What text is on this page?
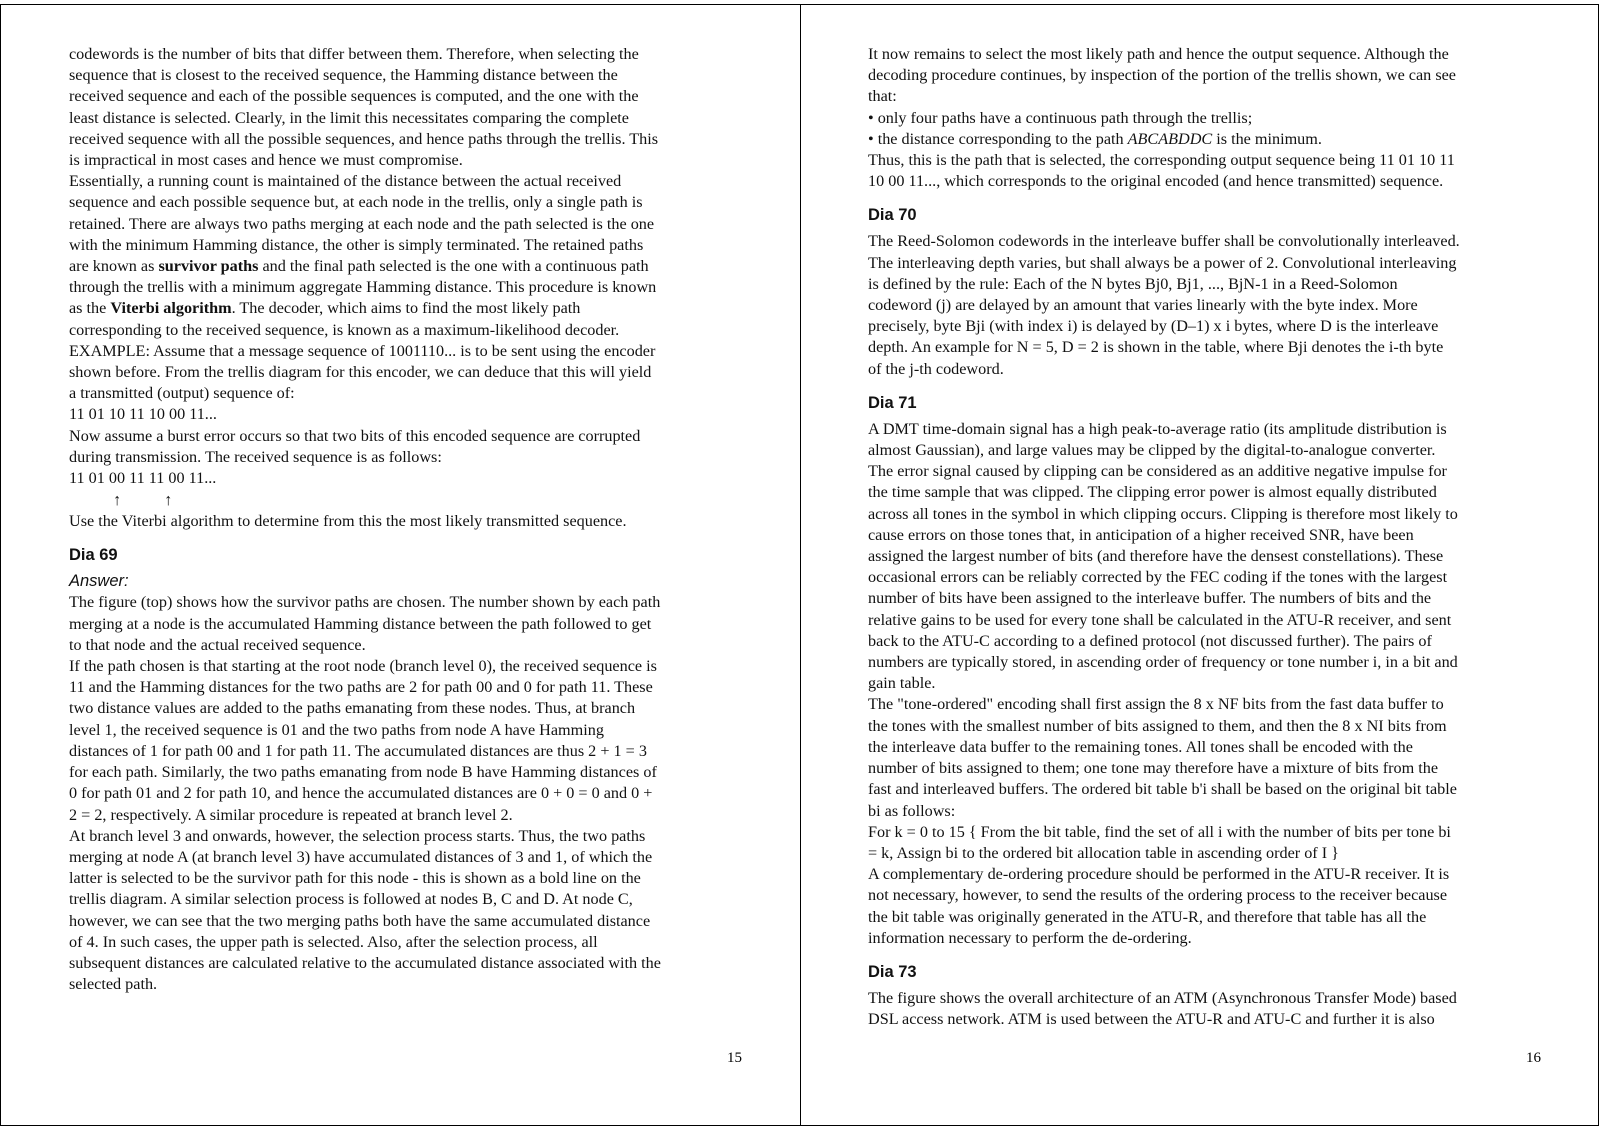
codewords is the number of bits that differ between them. Therefore, when selecting the
sequence that is closest to the received sequence, the Hamming distance between the
received sequence and each of the possible sequences is computed, and the one with the
least distance is selected. Clearly, in the limit this necessitates comparing the complete
received sequence with all the possible sequences, and hence paths through the trellis. This
is impractical in most cases and hence we must compromise.

Essentially, a running count is maintained of the distance between the actual received
sequence and each possible sequence but, at each node in the trellis, only a single path is
retained. There are always two paths merging at each node and the path selected is the one
with the minimum Hamming distance, the other is simply terminated. The retained paths
are known as survivor paths and the final path selected is the one with a continuous path
through the trellis with a minimum aggregate Hamming distance. This procedure is known
as the Viterbi algorithm. The decoder, which aims to find the most likely path
corresponding to the received sequence, is known as a maximum-likelihood decoder.

EXAMPLE: Assume that a message sequence of 1001110... is to be sent using the encoder
shown before. From the trellis diagram for this encoder, we can deduce that this will yield
a transmitted (output) sequence of:

11 01 10 11 10 00 11...

Now assume a burst error occurs so that two bits of this encoded sequence are corrupted
during transmission. The received sequence is as follows:

11 01 00 11 11 00 11...

↑	↑

Use the Viterbi algorithm to determine from this the most likely transmitted sequence.

Dia 69

Answer:

The figure (top) shows how the survivor paths are chosen. The number shown by each path
merging at a node is the accumulated Hamming distance between the path followed to get
to that node and the actual received sequence.

If the path chosen is that starting at the root node (branch level 0), the received sequence is
11 and the Hamming distances for the two paths are 2 for path 00 and 0 for path 11. These
two distance values are added to the paths emanating from these nodes. Thus, at branch
level 1, the received sequence is 01 and the two paths from node A have Hamming
distances of 1 for path 00 and 1 for path 11. The accumulated distances are thus 2 + 1 = 3
for each path. Similarly, the two paths emanating from node B have Hamming distances of
0 for path 01 and 2 for path 10, and hence the accumulated distances are 0 + 0 = 0 and 0 +
2 = 2, respectively. A similar procedure is repeated at branch level 2.

At branch level 3 and onwards, however, the selection process starts. Thus, the two paths
merging at node A (at branch level 3) have accumulated distances of 3 and 1, of which the
latter is selected to be the survivor path for this node - this is shown as a bold line on the
trellis diagram. A similar selection process is followed at nodes B, C and D. At node C,
however, we can see that the two merging paths both have the same accumulated distance
of 4. In such cases, the upper path is selected. Also, after the selection process, all
subsequent distances are calculated relative to the accumulated distance associated with the
selected path.

15

It now remains to select the most likely path and hence the output sequence. Although the
decoding procedure continues, by inspection of the portion of the trellis shown, we can see
that:

• only four paths have a continuous path through the trellis;

• the distance corresponding to the path ABCABDDC is the minimum.

Thus, this is the path that is selected, the corresponding output sequence being 11 01 10 11
10 00 11..., which corresponds to the original encoded (and hence transmitted) sequence.

Dia 70

The Reed-Solomon codewords in the interleave buffer shall be convolutionally interleaved.
The interleaving depth varies, but shall always be a power of 2. Convolutional interleaving
is defined by the rule: Each of the N bytes Bj0, Bj1, ..., BjN-1 in a Reed-Solomon
codeword (j) are delayed by an amount that varies linearly with the byte index. More
precisely, byte Bji (with index i) is delayed by (D–1) x i bytes, where D is the interleave
depth. An example for N = 5, D = 2 is shown in the table, where Bji denotes the i-th byte
of the j-th codeword.

Dia 71

A DMT time-domain signal has a high peak-to-average ratio (its amplitude distribution is
almost Gaussian), and large values may be clipped by the digital-to-analogue converter.
The error signal caused by clipping can be considered as an additive negative impulse for
the time sample that was clipped. The clipping error power is almost equally distributed
across all tones in the symbol in which clipping occurs. Clipping is therefore most likely to
cause errors on those tones that, in anticipation of a higher received SNR, have been
assigned the largest number of bits (and therefore have the densest constellations). These
occasional errors can be reliably corrected by the FEC coding if the tones with the largest
number of bits have been assigned to the interleave buffer. The numbers of bits and the
relative gains to be used for every tone shall be calculated in the ATU-R receiver, and sent
back to the ATU-C according to a defined protocol (not discussed further). The pairs of
numbers are typically stored, in ascending order of frequency or tone number i, in a bit and
gain table.

The "tone-ordered" encoding shall first assign the 8 x NF bits from the fast data buffer to
the tones with the smallest number of bits assigned to them, and then the 8 x NI bits from
the interleave data buffer to the remaining tones. All tones shall be encoded with the
number of bits assigned to them; one tone may therefore have a mixture of bits from the
fast and interleaved buffers. The ordered bit table b'i shall be based on the original bit table
bi as follows:

For k = 0 to 15 { From the bit table, find the set of all i with the number of bits per tone bi
= k, Assign bi to the ordered bit allocation table in ascending order of I }

A complementary de-ordering procedure should be performed in the ATU-R receiver. It is
not necessary, however, to send the results of the ordering process to the receiver because
the bit table was originally generated in the ATU-R, and therefore that table has all the
information necessary to perform the de-ordering.

Dia 73

The figure shows the overall architecture of an ATM (Asynchronous Transfer Mode) based
DSL access network. ATM is used between the ATU-R and ATU-C and further it is also

16
